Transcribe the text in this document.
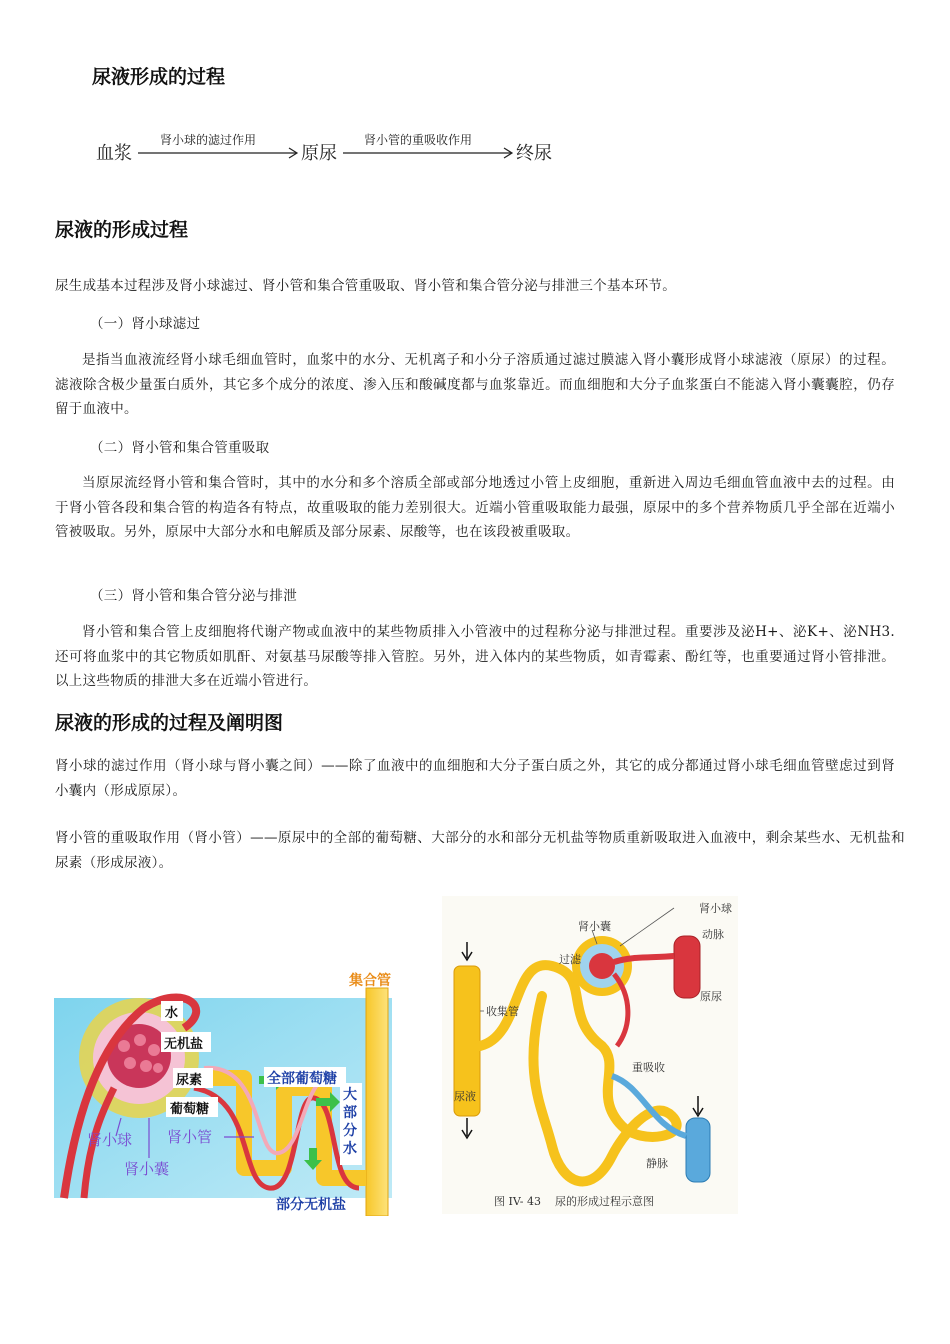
尿液形成的过程
血浆
肾小球的滤过作用
原尿
肾小管的重吸收作用
终尿
尿液的形成过程
尿生成基本过程涉及肾小球滤过、肾小管和集合管重吸取、肾小管和集合管分泌与排泄三个基本环节。
（一）肾小球滤过
是指当血液流经肾小球毛细血管时，血浆中的水分、无机离子和小分子溶质通过滤过膜滤入肾小囊形成肾小球滤液（原尿）的过程。滤液除含极少量蛋白质外，其它多个成分的浓度、渗入压和酸碱度都与血浆靠近。而血细胞和大分子血浆蛋白不能滤入肾小囊囊腔，仍存留于血液中。
（二）肾小管和集合管重吸取
当原尿流经肾小管和集合管时，其中的水分和多个溶质全部或部分地透过小管上皮细胞，重新进入周边毛细血管血液中去的过程。由于肾小管各段和集合管的构造各有特点，故重吸取的能力差别很大。近端小管重吸取能力最强，原尿中的多个营养物质几乎全部在近端小管被吸取。另外，原尿中大部分水和电解质及部分尿素、尿酸等，也在该段被重吸取。
（三）肾小管和集合管分泌与排泄
肾小管和集合管上皮细胞将代谢产物或血液中的某些物质排入小管液中的过程称分泌与排泄过程。重要涉及泌H+、泌K+、泌NH3.还可将血浆中的其它物质如肌酐、对氨基马尿酸等排入管腔。另外，进入体内的某些物质，如青霉素、酚红等，也重要通过肾小管排泄。以上这些物质的排泄大多在近端小管进行。
尿液的形成的过程及阐明图
肾小球的滤过作用（肾小球与肾小囊之间）——除了血液中的血细胞和大分子蛋白质之外，其它的成分都通过肾小球毛细血管壁虑过到肾小囊内（形成原尿）。
肾小管的重吸取作用（肾小管）——原尿中的全部的葡萄糖、大部分的水和部分无机盐等物质重新吸取进入血液中，剩余某些水、无机盐和尿素（形成尿液）。
水
无机盐
尿素
葡萄糖
全部葡萄糖
大部分水
部分无机盐
肾小球
肾小囊
肾小管
集合管
肾小球
肾小囊
动脉
过滤
收集管
原尿
重吸收
尿液
静脉
图 IV- 43    尿的形成过程示意图
